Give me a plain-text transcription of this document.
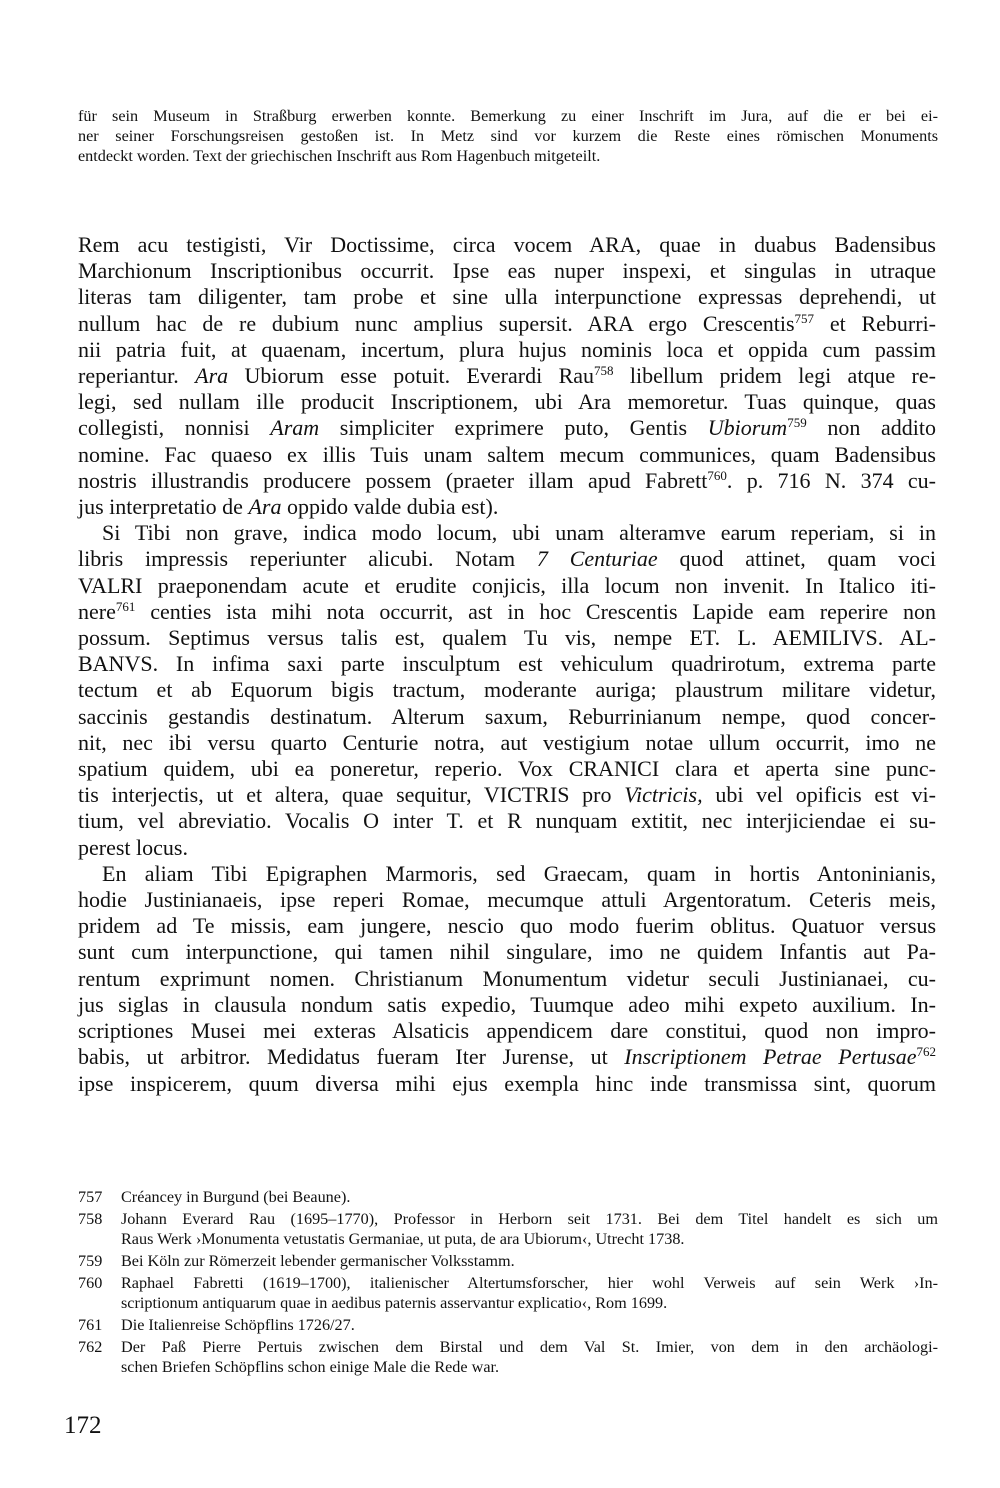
für sein Museum in Straßburg erwerben konnte. Bemerkung zu einer Inschrift im Jura, auf die er bei ei-
ner seiner Forschungsreisen gestoßen ist. In Metz sind vor kurzem die Reste eines römischen Monuments
entdeckt worden. Text der griechischen Inschrift aus Rom Hagenbuch mitgeteilt.
Rem acu testigisti, Vir Doctissime, circa vocem ARA, quae in duabus Badensibus
Marchionum Inscriptionibus occurrit. Ipse eas nuper inspexi, et singulas in utraque
literas tam diligenter, tam probe et sine ulla interpunctione expressas deprehendi, ut
nullum hac de re dubium nunc amplius supersit. ARA ergo Crescentis$^{757}$ et Reburri-
nii patria fuit, at quaenam, incertum, plura hujus nominis loca et oppida cum passim
reperiantur. Ara Ubiorum esse potuit. Everardi Rau$^{758}$ libellum pridem legi atque re-
legi, sed nullam ille producit Inscriptionem, ubi Ara memoretur. Tuas quinque, quas
collegisti, nonnisi Aram simpliciter exprimere puto, Gentis Ubiorum$^{759}$ non addito
nomine. Fac quaeso ex illis Tuis unam saltem mecum communices, quam Badensibus
nostris illustrandis producere possem (praeter illam apud Fabrett$^{760}$. p. 716 N. 374 cu-
jus interpretatio de Ara oppido valde dubia est).
Si Tibi non grave, indica modo locum, ubi unam alteramve earum reperiam, si in
libris impressis reperiunter alicubi. Notam 7 Centuriae quod attinet, quam voci
VALRI praeponendam acute et erudite conjicis, illa locum non invenit. In Italico iti-
nere$^{761}$ centies ista mihi nota occurrit, ast in hoc Crescentis Lapide eam reperire non
possum. Septimus versus talis est, qualem Tu vis, nempe ET. L. AEMILIVS. AL-
BANVS. In infima saxi parte insculptum est vehiculum quadrirotum, extrema parte
tectum et ab Equorum bigis tractum, moderante auriga; plaustrum militare videtur,
saccinis gestandis destinatum. Alterum saxum, Reburrinianum nempe, quod concer-
nit, nec ibi versu quarto Centurie notra, aut vestigium notae ullum occurrit, imo ne
spatium quidem, ubi ea poneretur, reperio. Vox CRANICI clara et aperta sine punc-
tis interjectis, ut et altera, quae sequitur, VICTRIS pro Victricis, ubi vel opificis est vi-
tium, vel abreviatio. Vocalis O inter T. et R nunquam extitit, nec interjiciendae ei su-
perest locus.
En aliam Tibi Epigraphen Marmoris, sed Graecam, quam in hortis Antoninianis,
hodie Justinianaeis, ipse reperi Romae, mecumque attuli Argentoratum. Ceteris meis,
pridem ad Te missis, eam jungere, nescio quo modo fuerim oblitus. Quatuor versus
sunt cum interpunctione, qui tamen nihil singulare, imo ne quidem Infantis aut Pa-
rentum exprimunt nomen. Christianum Monumentum videtur seculi Justinianaei, cu-
jus siglas in clausula nondum satis expedio, Tuumque adeo mihi expeto auxilium. In-
scriptiones Musei mei exteras Alsaticis appendicem dare constitui, quod non impro-
babis, ut arbitror. Medidatus fueram Iter Jurense, ut Inscriptionem Petrae Pertusae$^{762}$
ipse inspicerem, quum diversa mihi ejus exempla hinc inde transmissa sint, quorum
757	Créancey in Burgund (bei Beaune).
758	Johann Everard Rau (1695–1770), Professor in Herborn seit 1731. Bei dem Titel handelt es sich um
Raus Werk ›Monumenta vetustatis Germaniae, ut puta, de ara Ubiorum‹, Utrecht 1738.
759	Bei Köln zur Römerzeit lebender germanischer Volksstamm.
760	Raphael Fabretti (1619–1700), italienischer Altertumsforscher, hier wohl Verweis auf sein Werk ›In-
scriptionum antiquarum quae in aedibus paternis asservantur explicatio‹, Rom 1699.
761	Die Italienreise Schöpflins 1726/27.
762	Der Paß Pierre Pertuis zwischen dem Birstal und dem Val St. Imier, von dem in den archäologi-
schen Briefen Schöpflins schon einige Male die Rede war.
172
